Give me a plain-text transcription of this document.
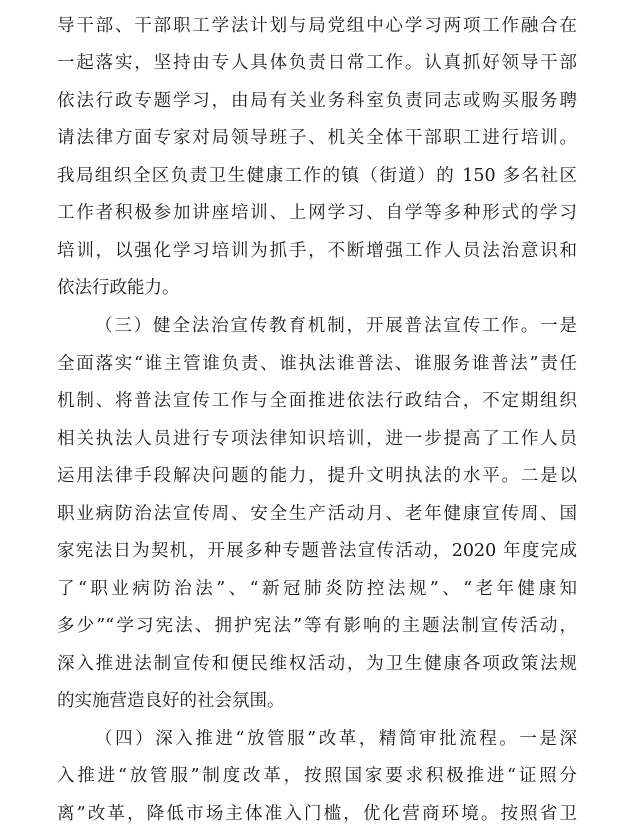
导干部、干部职工学法计划与局党组中心学习两项工作融合在
一起落实，坚持由专人具体负责日常工作。认真抓好领导干部
依法行政专题学习，由局有关业务科室负责同志或购买服务聘
请法律方面专家对局领导班子、机关全体干部职工进行培训。
我局组织全区负责卫生健康工作的镇（街道）的 150 多名社区
工作者积极参加讲座培训、上网学习、自学等多种形式的学习
培训，以强化学习培训为抓手，不断增强工作人员法治意识和
依法行政能力。
（三）健全法治宣传教育机制，开展普法宣传工作。一是
全面落实“谁主管谁负责、谁执法谁普法、谁服务谁普法”责任
机制、将普法宣传工作与全面推进依法行政结合，不定期组织
相关执法人员进行专项法律知识培训，进一步提高了工作人员
运用法律手段解决问题的能力，提升文明执法的水平。二是以
职业病防治法宣传周、安全生产活动月、老年健康宣传周、国
家宪法日为契机，开展多种专题普法宣传活动，2020 年度完成
了“职业病防治法”、“新冠肺炎防控法规”、“老年健康知
多少”“学习宪法、拥护宪法”等有影响的主题法制宣传活动，
深入推进法制宣传和便民维权活动，为卫生健康各项政策法规
的实施营造良好的社会氛围。
（四）深入推进“放管服”改革，精简审批流程。一是深
入推进“放管服”制度改革，按照国家要求积极推进“证照分
离”改革，降低市场主体准入门槛，优化营商环境。按照省卫
